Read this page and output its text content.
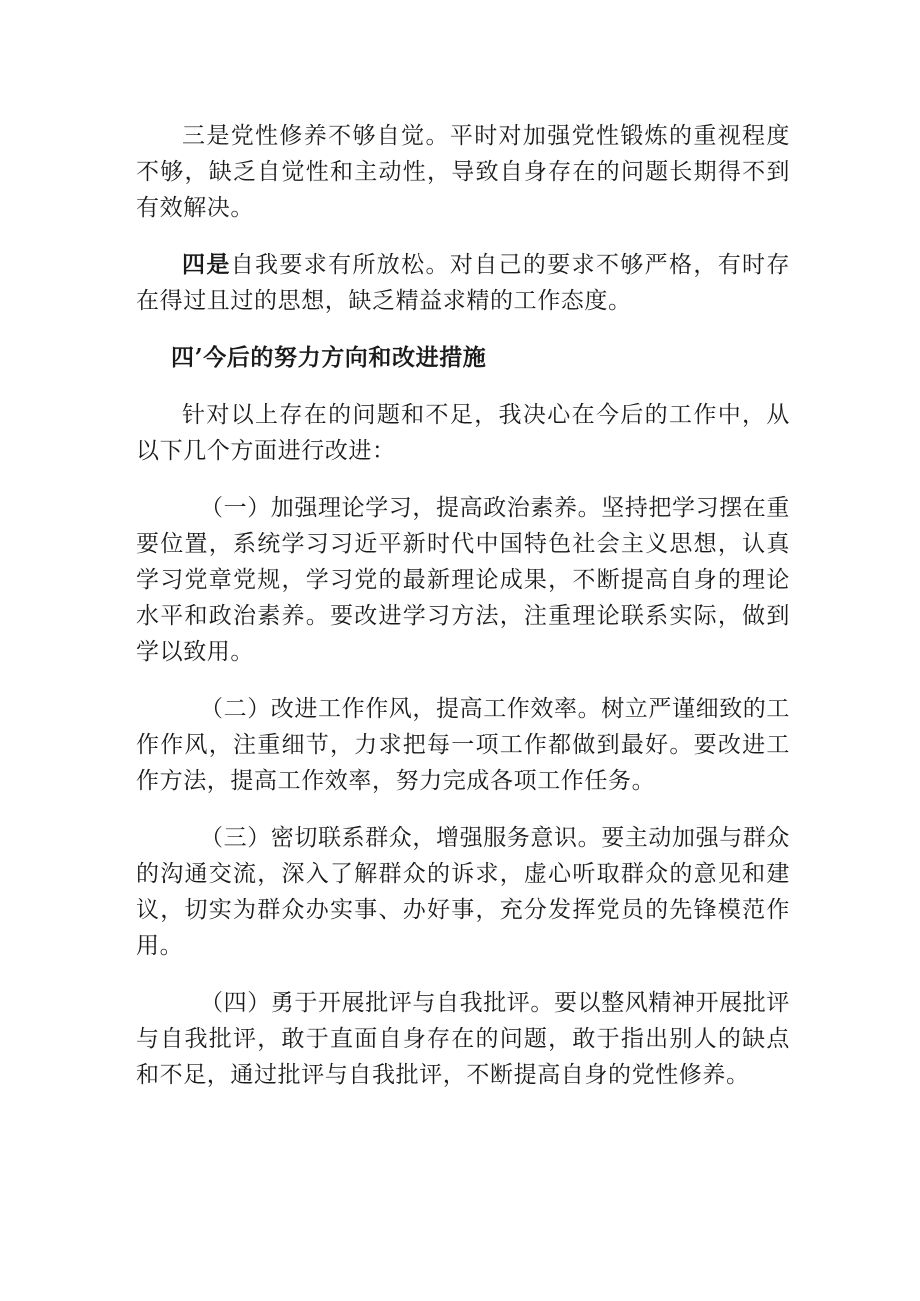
三是党性修养不够自觉。平时对加强党性锻炼的重视程度不够，缺乏自觉性和主动性，导致自身存在的问题长期得不到有效解决。

四是自我要求有所放松。对自己的要求不够严格，有时存在得过且过的思想，缺乏精益求精的工作态度。

四’今后的努力方向和改进措施

针对以上存在的问题和不足，我决心在今后的工作中，从以下几个方面进行改进：

（一）加强理论学习，提高政治素养。坚持把学习摆在重要位置，系统学习习近平新时代中国特色社会主义思想，认真学习党章党规，学习党的最新理论成果，不断提高自身的理论水平和政治素养。要改进学习方法，注重理论联系实际，做到学以致用。

（二）改进工作作风，提高工作效率。树立严谨细致的工作作风，注重细节，力求把每一项工作都做到最好。要改进工作方法，提高工作效率，努力完成各项工作任务。

（三）密切联系群众，增强服务意识。要主动加强与群众的沟通交流，深入了解群众的诉求，虚心听取群众的意见和建议，切实为群众办实事、办好事，充分发挥党员的先锋模范作用。

（四）勇于开展批评与自我批评。要以整风精神开展批评与自我批评，敢于直面自身存在的问题，敢于指出别人的缺点和不足，通过批评与自我批评，不断提高自身的党性修养。
